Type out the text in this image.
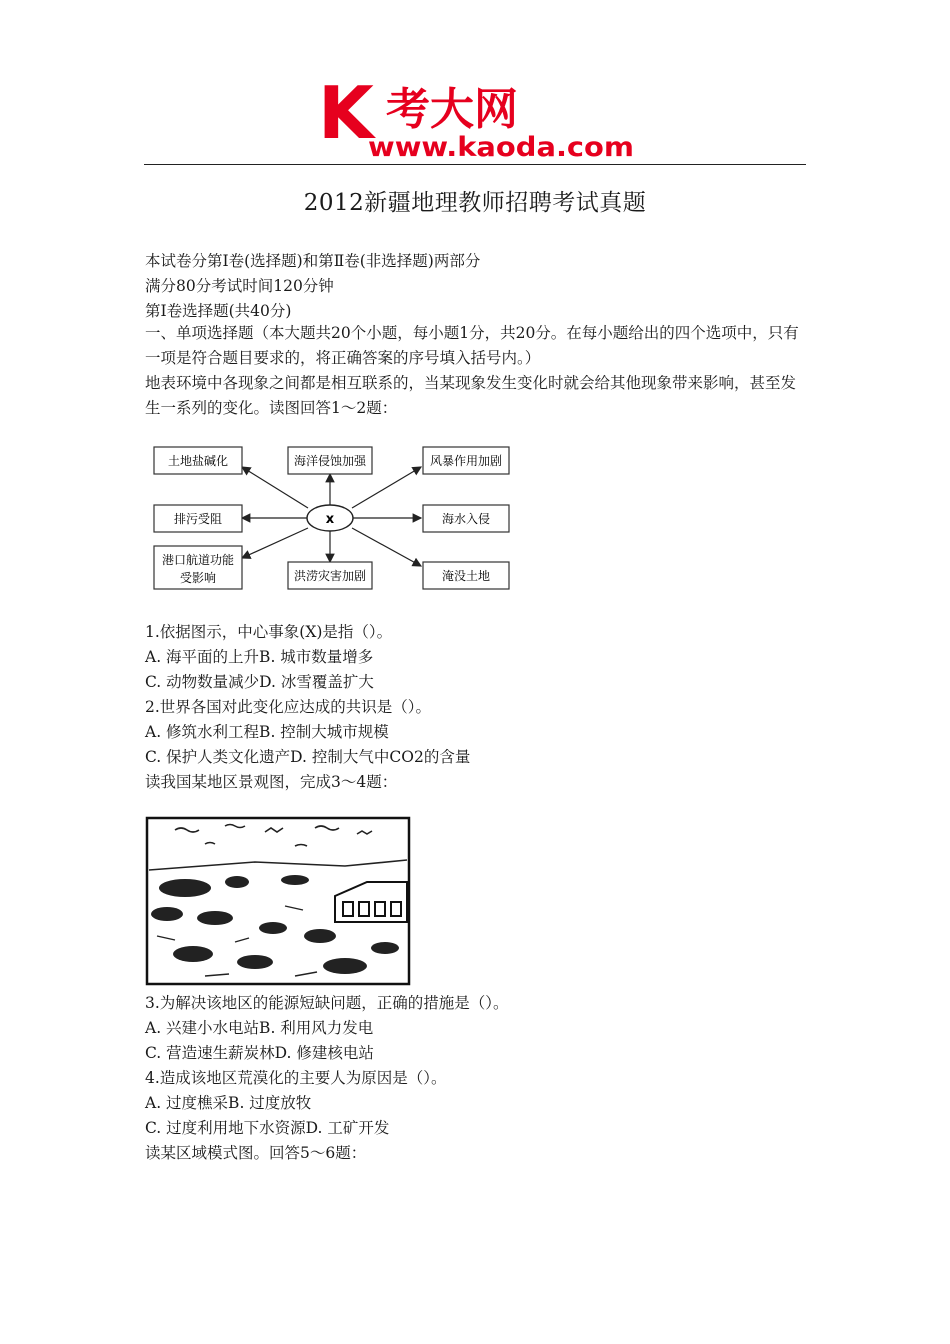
K 考大网
www.kaoda.com
2012新疆地理教师招聘考试真题
本试卷分第Ⅰ卷(选择题)和第Ⅱ卷(非选择题)两部分
满分80分考试时间120分钟
第Ⅰ卷选择题(共40分)
一、单项选择题（本大题共20个小题，每小题1分，共20分。在每小题给出的四个选项中，只有一项是符合题目要求的，将正确答案的序号填入括号内。）
地表环境中各现象之间都是相互联系的，当某现象发生变化时就会给其他现象带来影响，甚至发生一系列的变化。读图回答1～2题：
x
土地盐碱化	海洋侵蚀加强	风暴作用加剧
排污受阻	海水入侵
港口航道功能
受影响	洪涝灾害加剧	淹没土地
1.依据图示，中心事象(X)是指（）。
A. 海平面的上升B. 城市数量增多
C. 动物数量减少D. 冰雪覆盖扩大
2.世界各国对此变化应达成的共识是（）。
A. 修筑水利工程B. 控制大城市规模
C. 保护人类文化遗产D. 控制大气中CO2的含量
读我国某地区景观图，完成3～4题：
3.为解决该地区的能源短缺问题，正确的措施是（）。
A. 兴建小水电站B. 利用风力发电
C. 营造速生薪炭林D. 修建核电站
4.造成该地区荒漠化的主要人为原因是（）。
A. 过度樵采B. 过度放牧
C. 过度利用地下水资源D. 工矿开发
读某区域模式图。回答5～6题：
